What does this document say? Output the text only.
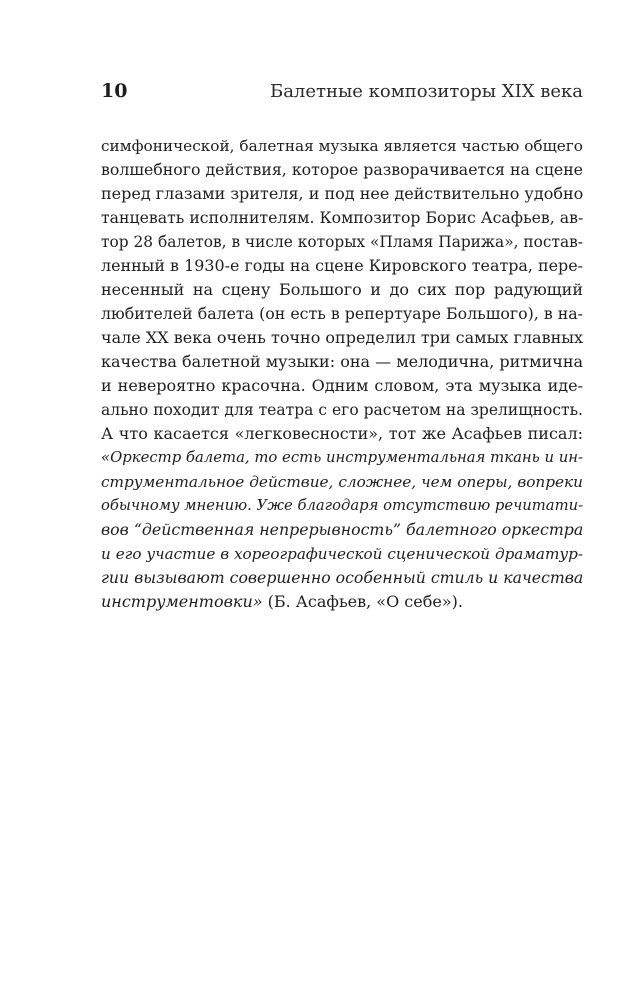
10	Балетные композиторы XIX века
симфонической, балетная музыка является частью общего
волшебного действия, которое разворачивается на сцене
перед глазами зрителя, и под нее действительно удобно
танцевать исполнителям. Композитор Борис Асафьев, ав-
тор 28 балетов, в числе которых «Пламя Парижа», постав-
ленный в 1930-е годы на сцене Кировского театра, пере-
несенный на сцену Большого и до сих пор радующий
любителей балета (он есть в репертуаре Большого), в на-
чале XX века очень точно определил три самых главных
качества балетной музыки: она — мелодична, ритмична
и невероятно красочна. Одним словом, эта музыка иде-
ально походит для театра с его расчетом на зрелищность.
А что касается «легковесности», тот же Асафьев писал:
«Оркестр балета, то есть инструментальная ткань и ин-
струментальное действие, сложнее, чем оперы, вопреки
обычному мнению. Уже благодаря отсутствию речитати-
вов “действенная непрерывность” балетного оркестра
и его участие в хореографической сценической драматур-
гии вызывают совершенно особенный стиль и качества
инструментовки» (Б. Асафьев, «О себе»).
